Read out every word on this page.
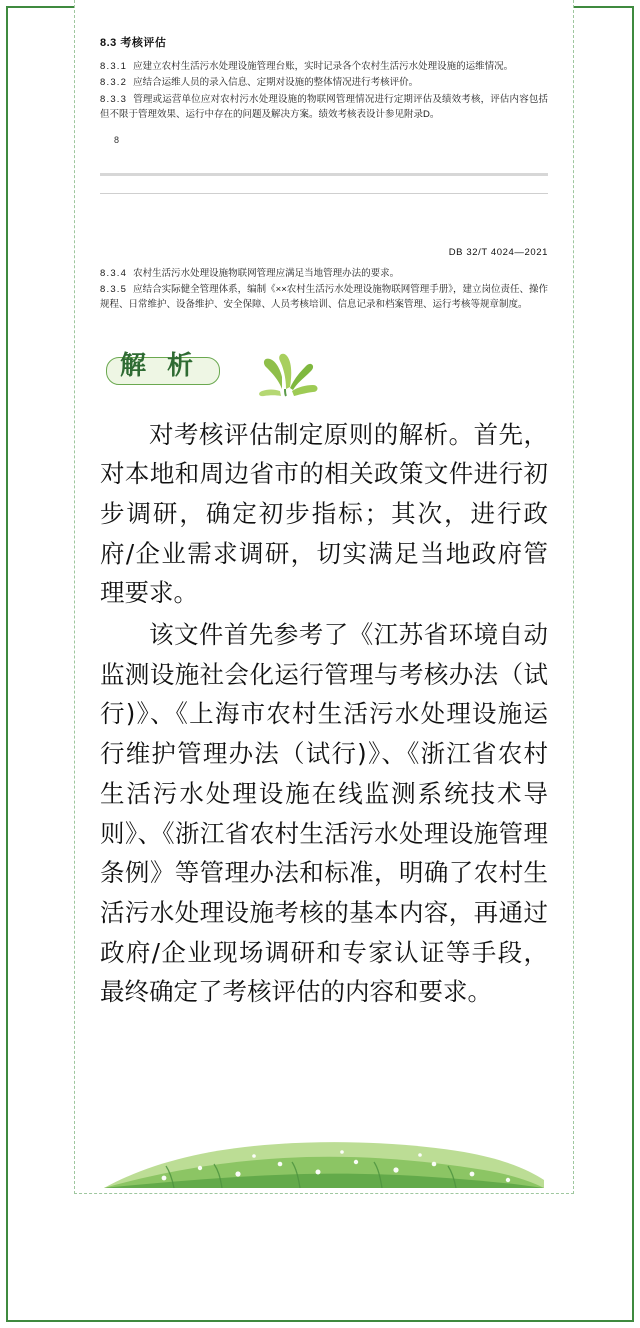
8.3 考核评估

8.3.1 应建立农村生活污水处理设施管理台账，实时记录各个农村生活污水处理设施的运维情况。

8.3.2 应结合运维人员的录入信息、定期对设施的整体情况进行考核评价。

8.3.3 管理或运营单位应对农村污水处理设施的物联网管理情况进行定期评估及绩效考核，评估内容包括但不限于管理效果、运行中存在的问题及解决方案。绩效考核表设计参见附录D。

8
DB 32/T 4024—2021

8.3.4 农村生活污水处理设施物联网管理应满足当地管理办法的要求。

8.3.5 应结合实际健全管理体系，编制《××农村生活污水处理设施物联网管理手册》，建立岗位责任、操作规程、日常维护、设备维护、安全保障、人员考核培训、信息记录和档案管理、运行考核等规章制度。

解 析

对考核评估制定原则的解析。首先，对本地和周边省市的相关政策文件进行初步调研，确定初步指标；其次，进行政府/企业需求调研，切实满足当地政府管理要求。

该文件首先参考了《江苏省环境自动监测设施社会化运行管理与考核办法（试行)》、《上海市农村生活污水处理设施运行维护管理办法（试行)》、《浙江省农村生活污水处理设施在线监测系统技术导则》、《浙江省农村生活污水处理设施管理条例》等管理办法和标准，明确了农村生活污水处理设施考核的基本内容，再通过政府/企业现场调研和专家认证等手段，最终确定了考核评估的内容和要求。
